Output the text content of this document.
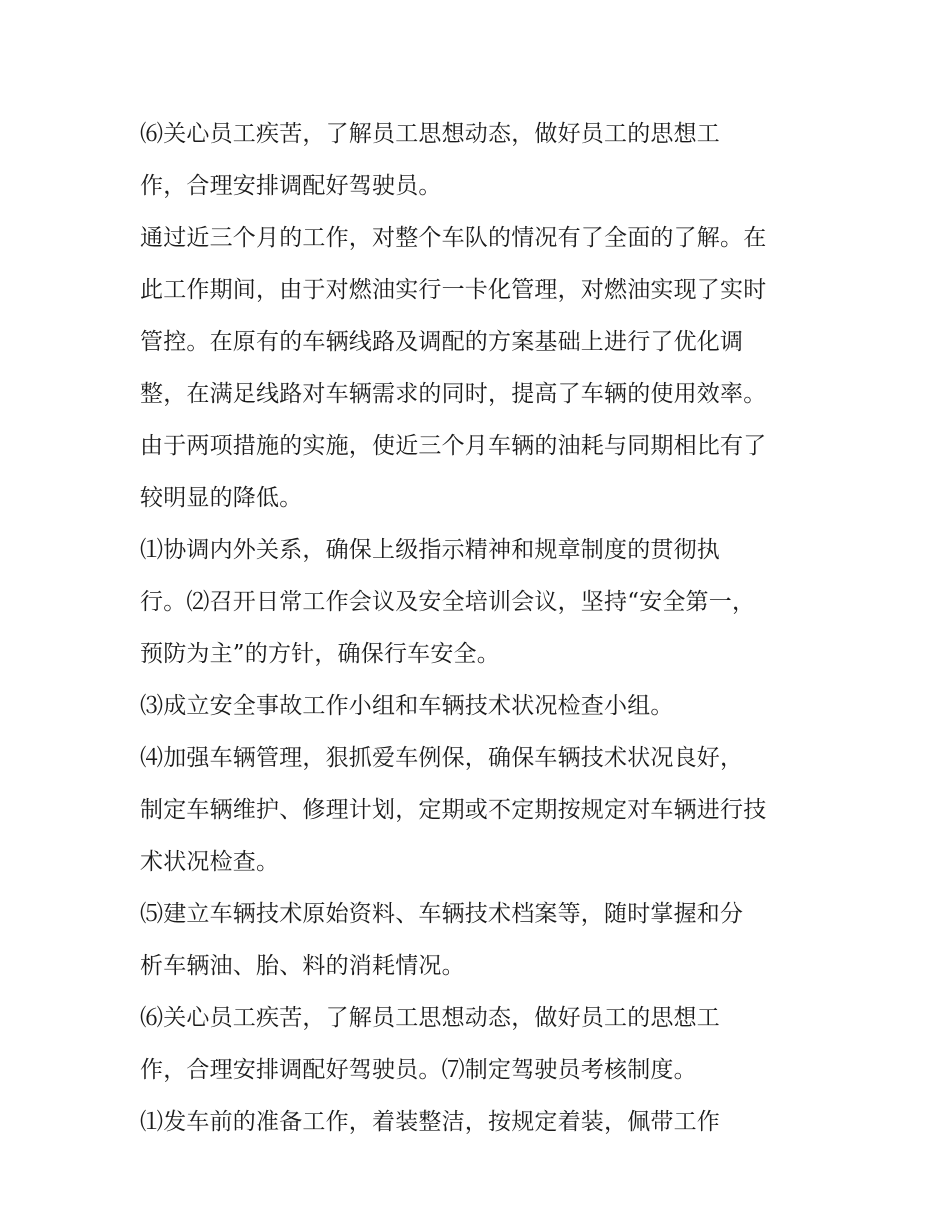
⑹关心员工疾苦，了解员工思想动态，做好员工的思想工
作，合理安排调配好驾驶员。
通过近三个月的工作，对整个车队的情况有了全面的了解。在
此工作期间，由于对燃油实行一卡化管理，对燃油实现了实时
管控。在原有的车辆线路及调配的方案基础上进行了优化调
整，在满足线路对车辆需求的同时，提高了车辆的使用效率。
由于两项措施的实施，使近三个月车辆的油耗与同期相比有了
较明显的降低。
⑴协调内外关系，确保上级指示精神和规章制度的贯彻执
行。⑵召开日常工作会议及安全培训会议，坚持“安全第一，
预防为主”的方针，确保行车安全。
⑶成立安全事故工作小组和车辆技术状况检查小组。
⑷加强车辆管理，狠抓爱车例保，确保车辆技术状况良好，
制定车辆维护、修理计划，定期或不定期按规定对车辆进行技
术状况检查。
⑸建立车辆技术原始资料、车辆技术档案等，随时掌握和分
析车辆油、胎、料的消耗情况。
⑹关心员工疾苦，了解员工思想动态，做好员工的思想工
作，合理安排调配好驾驶员。⑺制定驾驶员考核制度。
⑴发车前的准备工作，着装整洁，按规定着装，佩带工作
